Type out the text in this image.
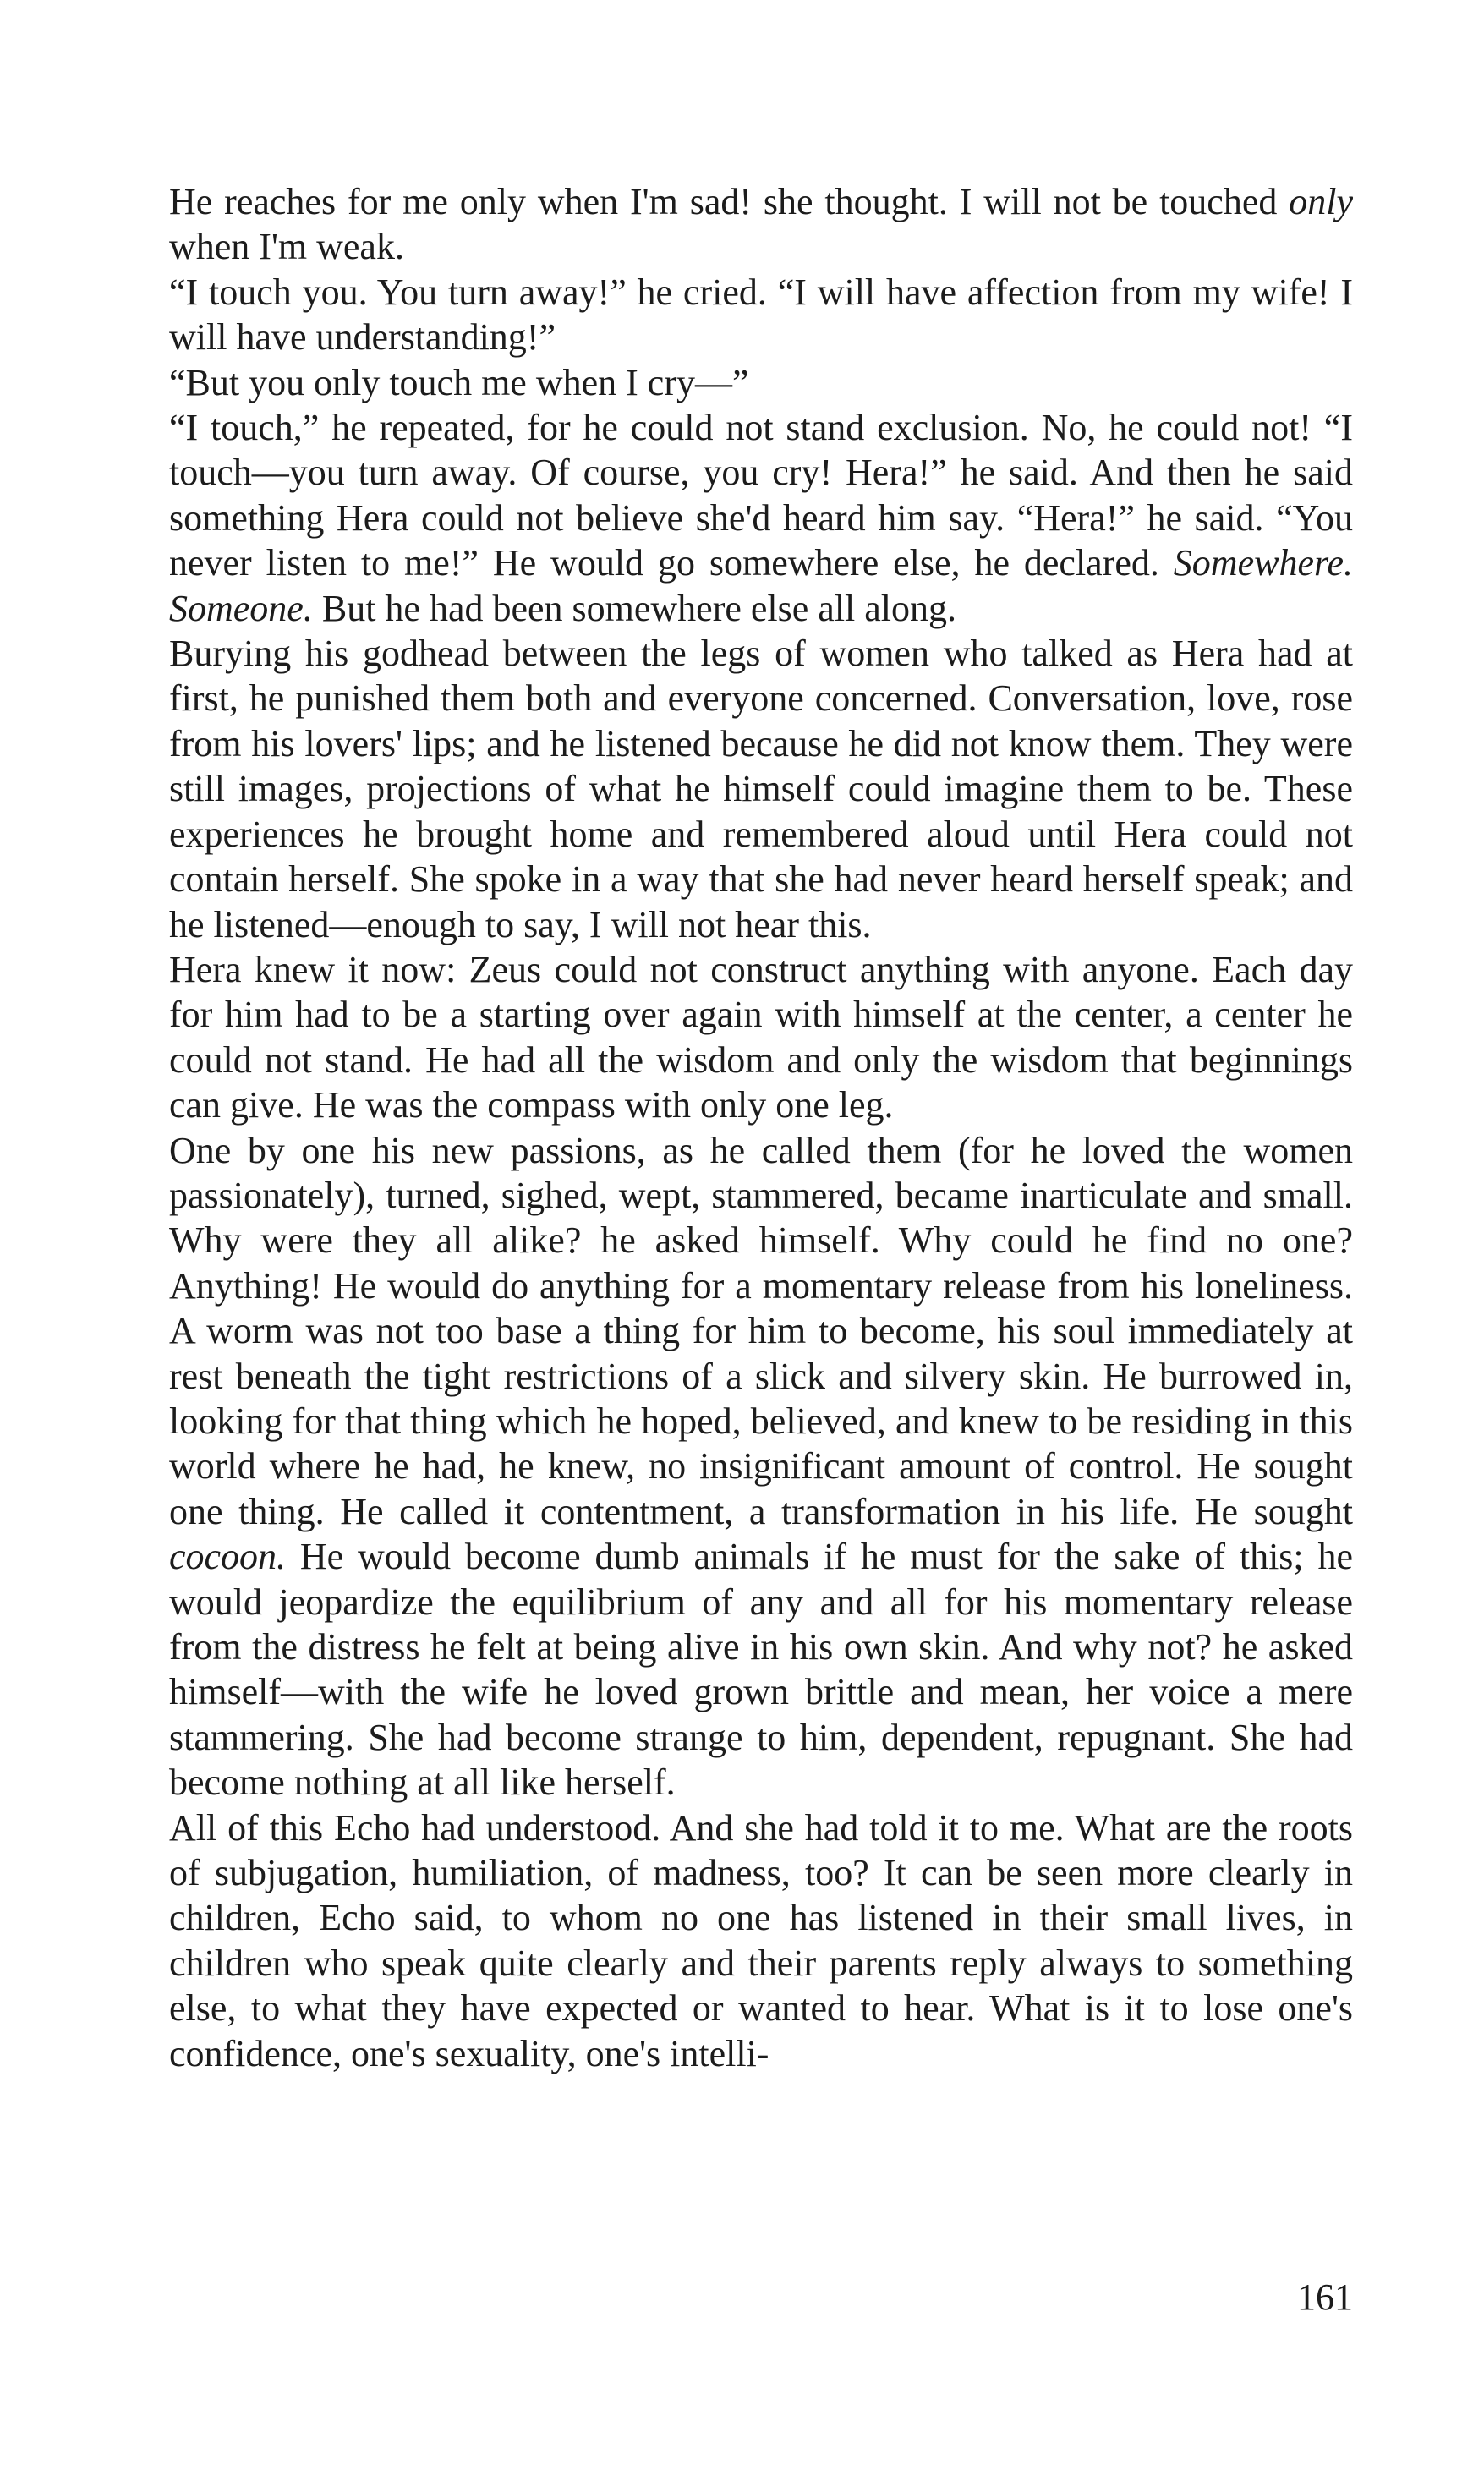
He reaches for me only when I'm sad! she thought. I will not be touched only when I'm weak.

“I touch you. You turn away!” he cried. “I will have affection from my wife! I will have understanding!”

“But you only touch me when I cry—”

“I touch,” he repeated, for he could not stand exclusion. No, he could not! “I touch—you turn away. Of course, you cry! Hera!” he said. And then he said something Hera could not believe she'd heard him say. “Hera!” he said. “You never listen to me!” He would go somewhere else, he declared. Somewhere. Someone. But he had been somewhere else all along.

Burying his godhead between the legs of women who talked as Hera had at first, he punished them both and everyone concerned. Conversation, love, rose from his lovers' lips; and he listened because he did not know them. They were still images, projections of what he himself could imagine them to be. These experiences he brought home and remembered aloud until Hera could not contain herself. She spoke in a way that she had never heard herself speak; and he listened—enough to say, I will not hear this.

Hera knew it now: Zeus could not construct anything with anyone. Each day for him had to be a starting over again with himself at the center, a center he could not stand. He had all the wisdom and only the wisdom that beginnings can give. He was the compass with only one leg.

One by one his new passions, as he called them (for he loved the women passionately), turned, sighed, wept, stammered, became inarticulate and small. Why were they all alike? he asked himself. Why could he find no one? Anything! He would do anything for a momentary release from his loneliness. A worm was not too base a thing for him to become, his soul immediately at rest beneath the tight restrictions of a slick and silvery skin. He burrowed in, looking for that thing which he hoped, believed, and knew to be residing in this world where he had, he knew, no insignificant amount of control. He sought one thing. He called it contentment, a transformation in his life. He sought cocoon. He would become dumb animals if he must for the sake of this; he would jeopardize the equilibrium of any and all for his momentary release from the distress he felt at being alive in his own skin. And why not? he asked himself—with the wife he loved grown brittle and mean, her voice a mere stammering. She had become strange to him, dependent, repugnant. She had become nothing at all like herself.

All of this Echo had understood. And she had told it to me. What are the roots of subjugation, humiliation, of madness, too? It can be seen more clearly in children, Echo said, to whom no one has listened in their small lives, in children who speak quite clearly and their parents reply always to something else, to what they have expected or wanted to hear. What is it to lose one's confidence, one's sexuality, one's intelli-

161
